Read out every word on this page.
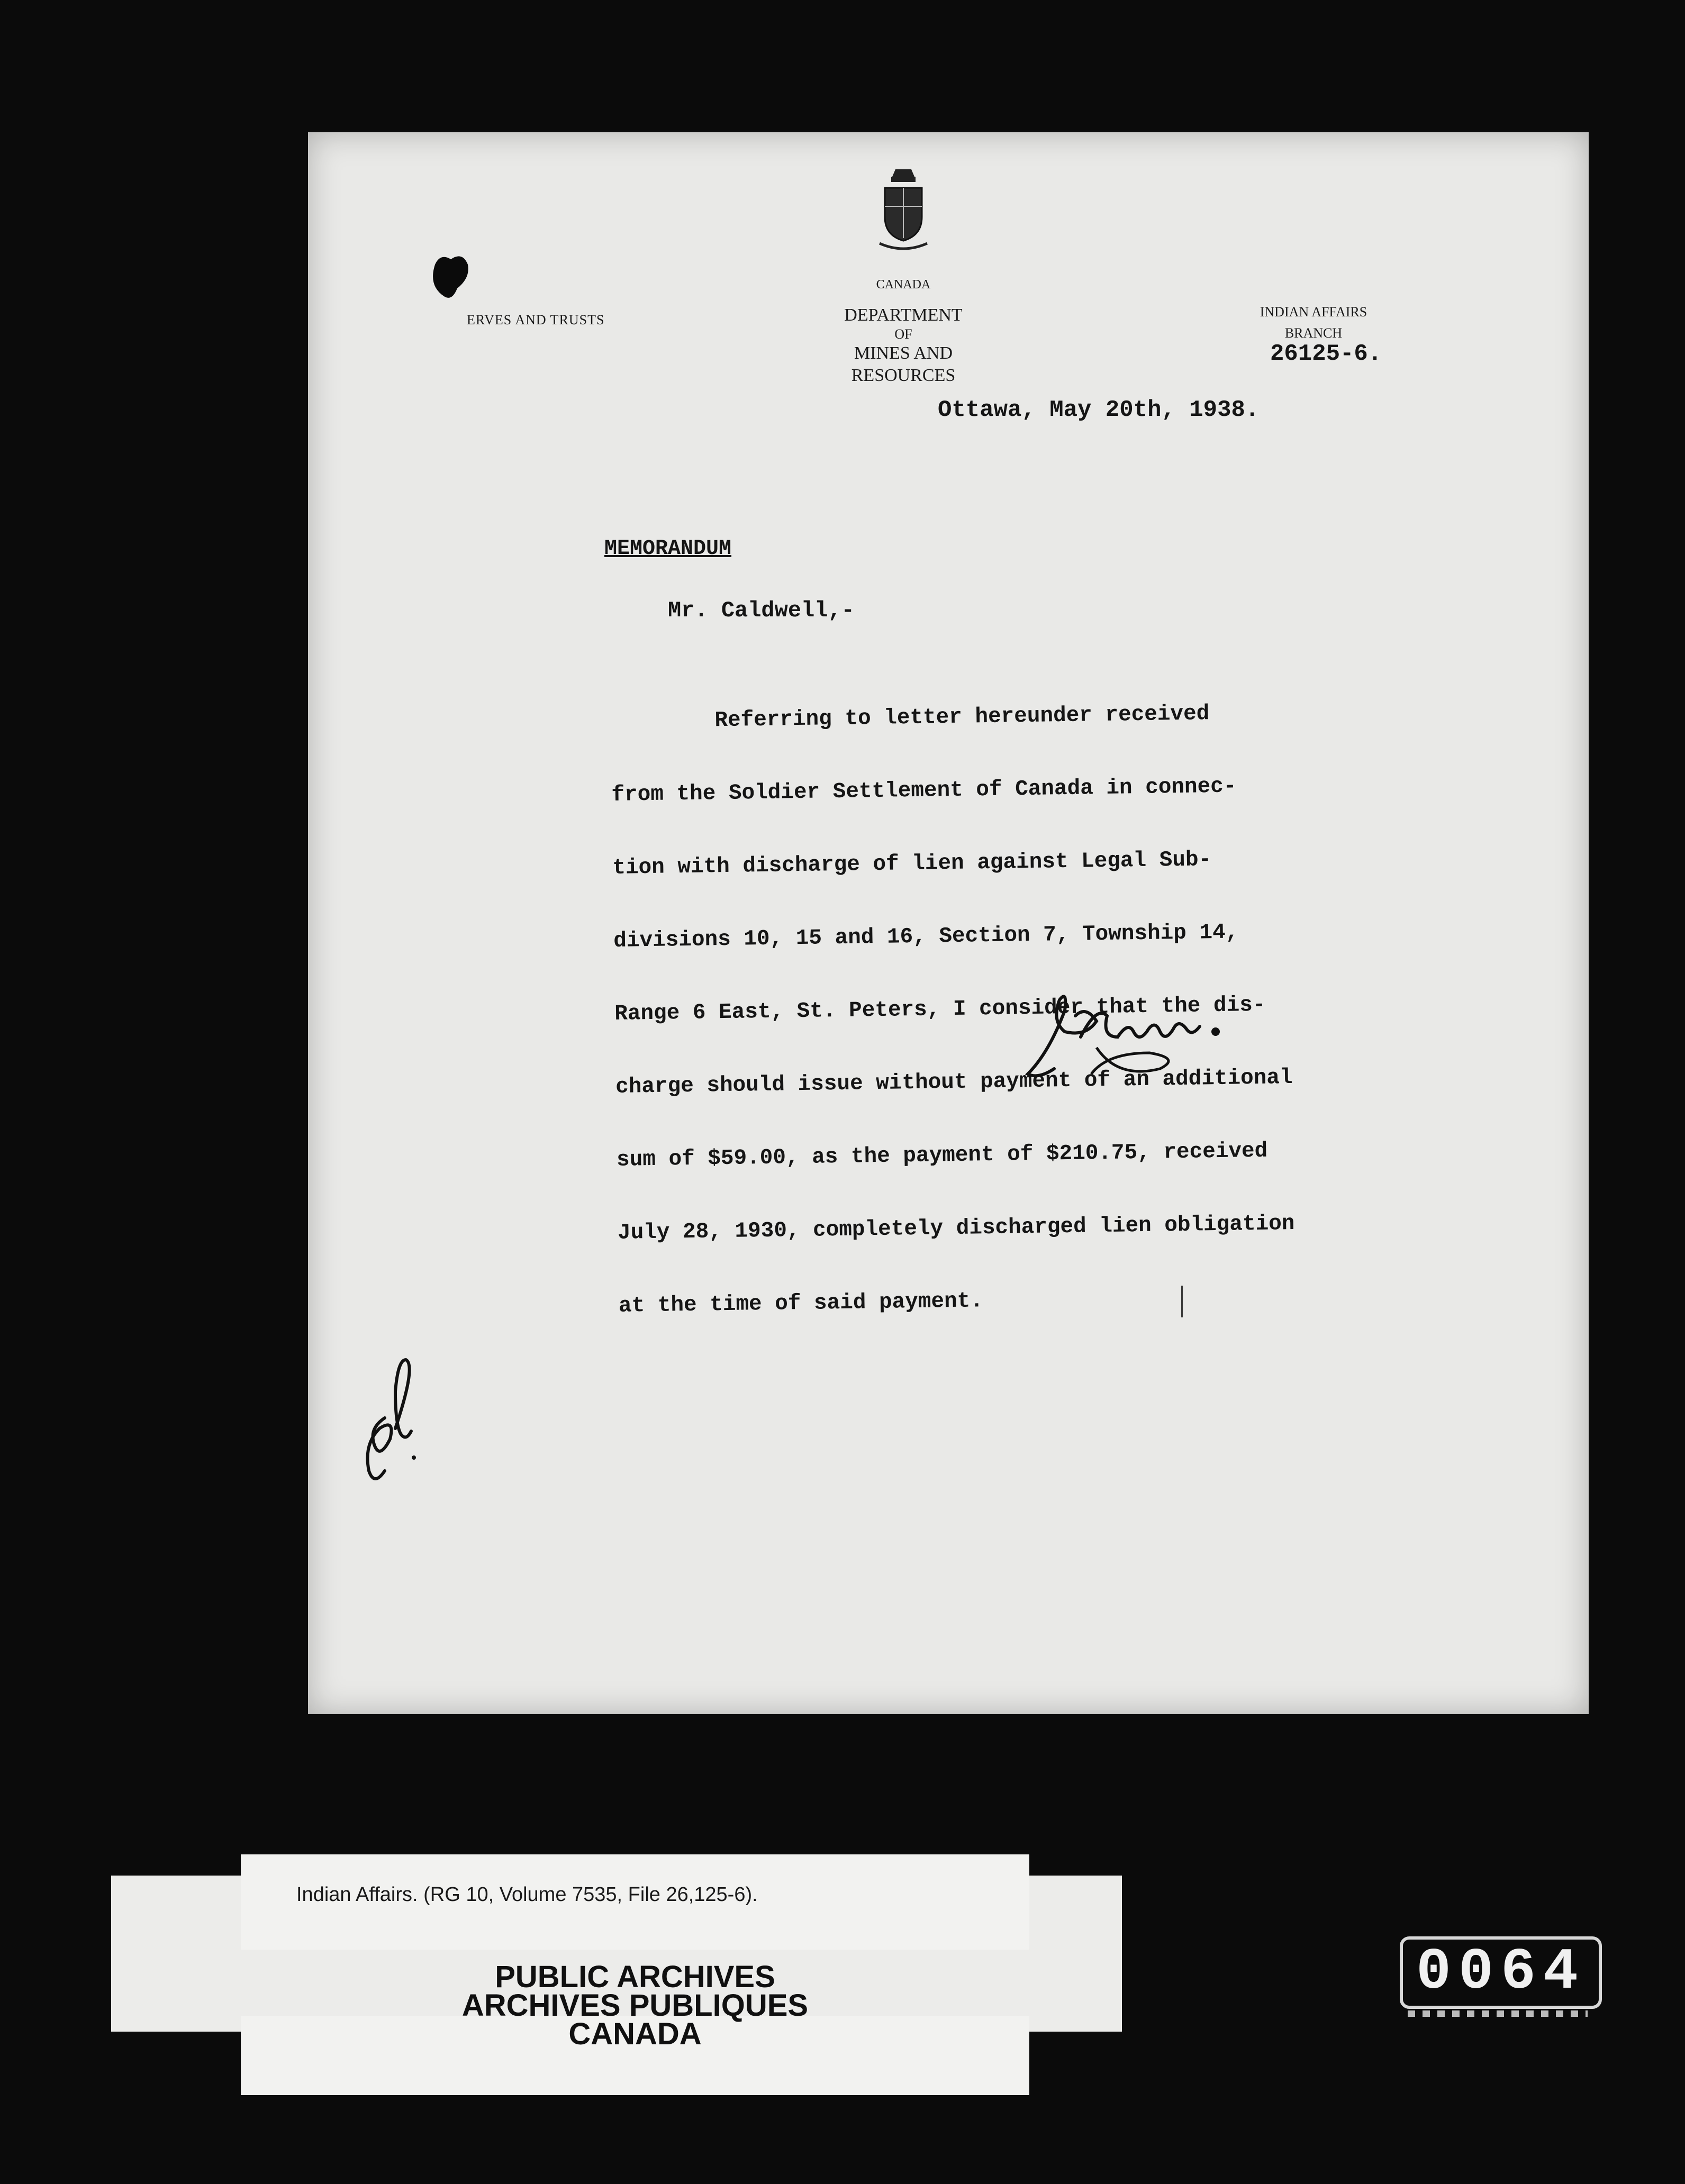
ERVES AND TRUSTS
CANADA
DEPARTMENT
OF
MINES AND RESOURCES
INDIAN AFFAIRS
BRANCH
26125-6.
Ottawa, May 20th, 1938.
MEMORANDUM
Mr. Caldwell,-

Referring to letter hereunder received

from the Soldier Settlement of Canada in connec-

tion with discharge of lien against Legal Sub-

divisions 10, 15 and 16, Section 7, Township 14,

Range 6 East, St. Peters, I consider that the dis-

charge should issue without payment of an additional

sum of $59.00, as the payment of $210.75, received

July 28, 1930, completely discharged lien obligation

at the time of said payment.

Indian Affairs. (RG 10, Volume 7535, File 26,125-6).
PUBLIC ARCHIVES
ARCHIVES PUBLIQUES
CANADA
0064
